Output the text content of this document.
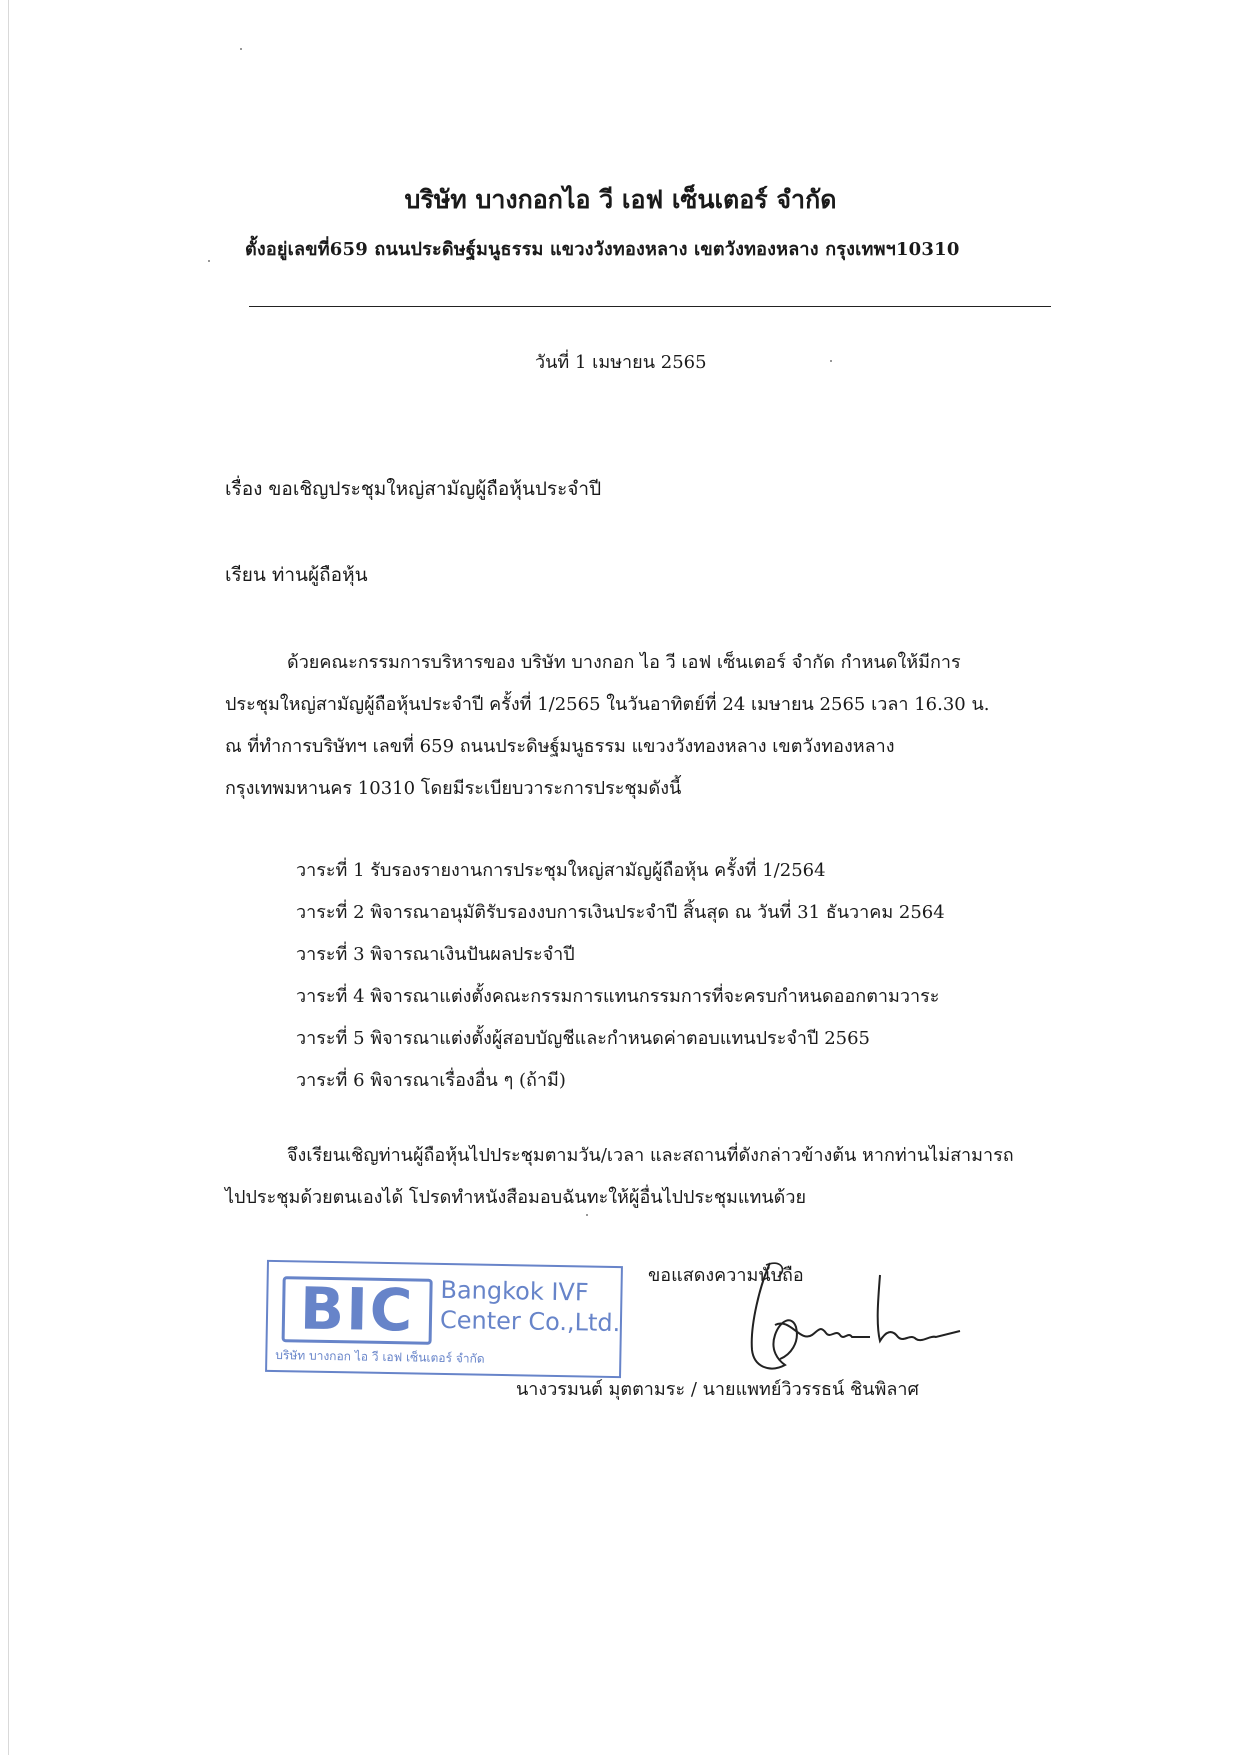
บริษัท บางกอกไอ วี เอฟ เซ็นเตอร์ จำกัด
ตั้งอยู่เลขที่659 ถนนประดิษฐ์มนูธรรม แขวงวังทองหลาง เขตวังทองหลาง กรุงเทพฯ10310
วันที่ 1 เมษายน 2565
เรื่อง ขอเชิญประชุมใหญ่สามัญผู้ถือหุ้นประจำปี
เรียน ท่านผู้ถือหุ้น
ด้วยคณะกรรมการบริหารของ บริษัท บางกอก ไอ วี เอฟ เซ็นเตอร์ จำกัด กำหนดให้มีการ
ประชุมใหญ่สามัญผู้ถือหุ้นประจำปี ครั้งที่ 1/2565 ในวันอาทิตย์ที่ 24 เมษายน 2565 เวลา 16.30 น.
ณ ที่ทำการบริษัทฯ เลขที่ 659 ถนนประดิษฐ์มนูธรรม แขวงวังทองหลาง เขตวังทองหลาง
กรุงเทพมหานคร 10310 โดยมีระเบียบวาระการประชุมดังนี้
วาระที่ 1 รับรองรายงานการประชุมใหญ่สามัญผู้ถือหุ้น ครั้งที่ 1/2564
วาระที่ 2 พิจารณาอนุมัติรับรองงบการเงินประจำปี สิ้นสุด ณ วันที่ 31 ธันวาคม 2564
วาระที่ 3 พิจารณาเงินปันผลประจำปี
วาระที่ 4 พิจารณาแต่งตั้งคณะกรรมการแทนกรรมการที่จะครบกำหนดออกตามวาระ
วาระที่ 5 พิจารณาแต่งตั้งผู้สอบบัญชีและกำหนดค่าตอบแทนประจำปี 2565
วาระที่ 6 พิจารณาเรื่องอื่น ๆ (ถ้ามี)
จึงเรียนเชิญท่านผู้ถือหุ้นไปประชุมตามวัน/เวลา และสถานที่ดังกล่าวข้างต้น หากท่านไม่สามารถ
ไปประชุมด้วยตนเองได้ โปรดทำหนังสือมอบฉันทะให้ผู้อื่นไปประชุมแทนด้วย
BIC	Bangkok IVF
Center Co.,Ltd.
บริษัท บางกอก ไอ วี เอฟ เซ็นเตอร์ จำกัด
ขอแสดงความนับถือ
นางวรมนต์ มุตตามระ / นายแพทย์วิวรรธน์ ชินพิลาศ
